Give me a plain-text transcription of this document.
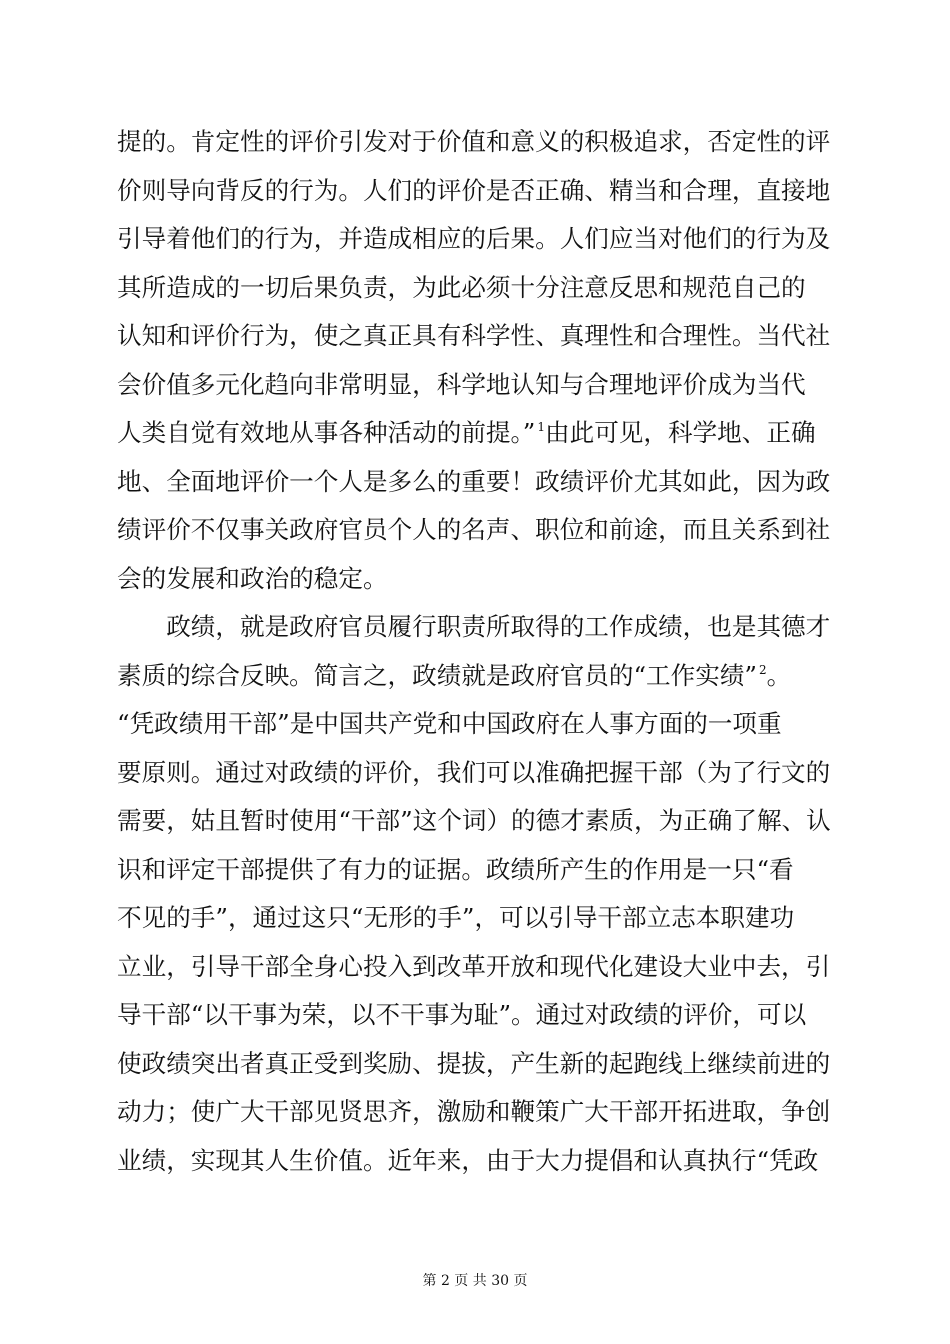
提的。肯定性的评价引发对于价值和意义的积极追求，否定性的评
价则导向背反的行为。人们的评价是否正确、精当和合理，直接地
引导着他们的行为，并造成相应的后果。人们应当对他们的行为及
其所造成的一切后果负责，为此必须十分注意反思和规范自己的
认知和评价行为，使之真正具有科学性、真理性和合理性。当代社
会价值多元化趋向非常明显，科学地认知与合理地评价成为当代
人类自觉有效地从事各种活动的前提。” $^1$由此可见，科学地、正确
地、全面地评价一个人是多么的重要！政绩评价尤其如此，因为政
绩评价不仅事关政府官员个人的名声、职位和前途，而且关系到社
会的发展和政治的稳定。
　　政绩，就是政府官员履行职责所取得的工作成绩，也是其德才
素质的综合反映。简言之，政绩就是政府官员的“工作实绩” $^2$。
“凭政绩用干部”是中国共产党和中国政府在人事方面的一项重
要原则。通过对政绩的评价，我们可以准确把握干部（为了行文的
需要，姑且暂时使用“干部”这个词）的德才素质，为正确了解、认
识和评定干部提供了有力的证据。政绩所产生的作用是一只“看
不见的手”，通过这只“无形的手”，可以引导干部立志本职建功
立业，引导干部全身心投入到改革开放和现代化建设大业中去，引
导干部“以干事为荣，以不干事为耻”。通过对政绩的评价，可以
使政绩突出者真正受到奖励、提拔，产生新的起跑线上继续前进的
动力；使广大干部见贤思齐，激励和鞭策广大干部开拓进取，争创
业绩，实现其人生价值。近年来，由于大力提倡和认真执行“凭政
第 2 页 共 30 页
